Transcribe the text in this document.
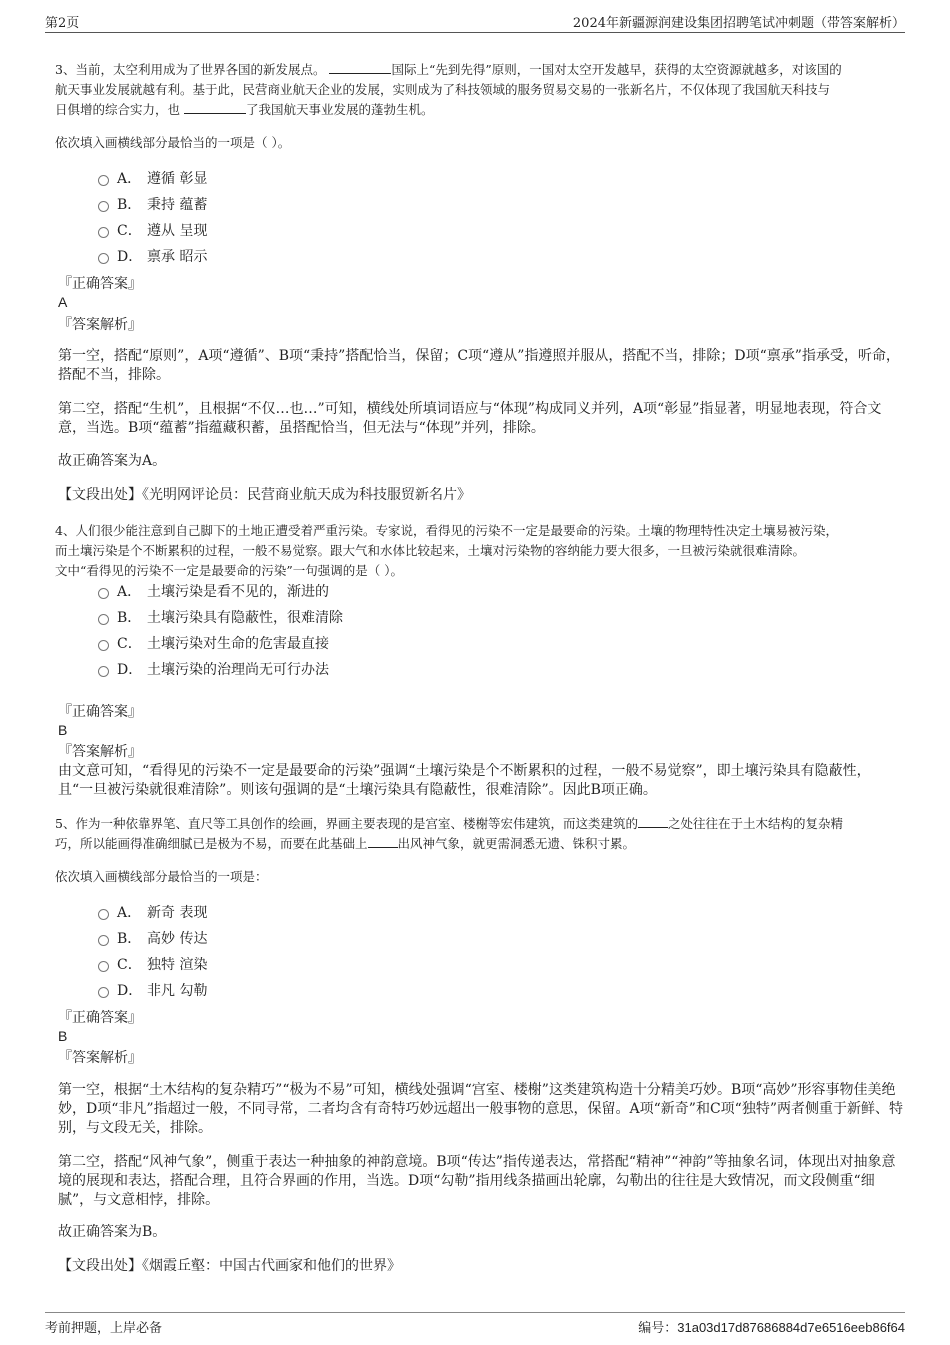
第2页	2024年新疆源润建设集团招聘笔试冲刺题（带答案解析）

3、当前，太空利用成为了世界各国的新发展点。	国际上“先到先得”原则，一国对太空开发越早，获得的太空资源就越多，对该国的

航天事业发展就越有利。基于此，民营商业航天企业的发展，实则成为了科技领域的服务贸易交易的一张新名片，不仅体现了我国航天科技与

日俱增的综合实力，也	了我国航天事业发展的蓬勃生机。

依次填入画横线部分最恰当的一项是（ ）。

A． 遵循 彰显
B． 秉持 蕴蓄
C． 遵从 呈现
D． 禀承 昭示
『正确答案』
A
『答案解析』

第一空，搭配“原则”，A项“遵循”、B项“秉持”搭配恰当，保留；C项“遵从”指遵照并服从，搭配不当，排除；D项“禀承”指承受，听命，搭配不当，排除。

第二空，搭配“生机”，且根据“不仅…也…”可知，横线处所填词语应与“体现”构成同义并列，A项“彰显”指显著，明显地表现，符合文意，当选。B项“蕴蓄”指蕴藏积蓄，虽搭配恰当，但无法与“体现”并列，排除。

故正确答案为A。

【文段出处】《光明网评论员：民营商业航天成为科技服贸新名片》

4、人们很少能注意到自己脚下的土地正遭受着严重污染。专家说，看得见的污染不一定是最要命的污染。土壤的物理特性决定土壤易被污染，

而土壤污染是个不断累积的过程，一般不易觉察。跟大气和水体比较起来，土壤对污染物的容纳能力要大很多，一旦被污染就很难清除。

文中“看得见的污染不一定是最要命的污染”一句强调的是（ ）。

A． 土壤污染是看不见的，渐进的
B． 土壤污染具有隐蔽性，很难清除
C． 土壤污染对生命的危害最直接
D． 土壤污染的治理尚无可行办法
『正确答案』
B
『答案解析』

由文意可知，“看得见的污染不一定是最要命的污染”强调“土壤污染是个不断累积的过程，一般不易觉察”，即土壤污染具有隐蔽性，且“一旦被污染就很难清除”。则该句强调的是“土壤污染具有隐蔽性，很难清除”。因此B项正确。

5、作为一种依靠界笔、直尺等工具创作的绘画，界画主要表现的是宫室、楼榭等宏伟建筑，而这类建筑的 之处往往在于土木结构的复杂精

巧，所以能画得准确细腻已是极为不易，而要在此基础上 出风神气象，就更需洞悉无遗、铢积寸累。

依次填入画横线部分最恰当的一项是：

A． 新奇 表现
B． 高妙 传达
C． 独特 渲染
D． 非凡 勾勒
『正确答案』
B
『答案解析』

第一空，根据“土木结构的复杂精巧”“极为不易”可知，横线处强调“宫室、楼榭”这类建筑构造十分精美巧妙。B项“高妙”形容事物佳美绝妙，D项“非凡”指超过一般，不同寻常，二者均含有奇特巧妙远超出一般事物的意思，保留。A项“新奇”和C项“独特”两者侧重于新鲜、特别，与文段无关，排除。

第二空，搭配“风神气象”，侧重于表达一种抽象的神韵意境。B项“传达”指传递表达，常搭配“精神”“神韵”等抽象名词，体现出对抽象意境的展现和表达，搭配合理，且符合界画的作用，当选。D项“勾勒”指用线条描画出轮廓，勾勒出的往往是大致情况，而文段侧重“细腻”，与文意相悖，排除。

故正确答案为B。

【文段出处】《烟霞丘壑：中国古代画家和他们的世界》
考前押题，上岸必备	编号：31a03d17d87686884d7e6516eeb86f64
